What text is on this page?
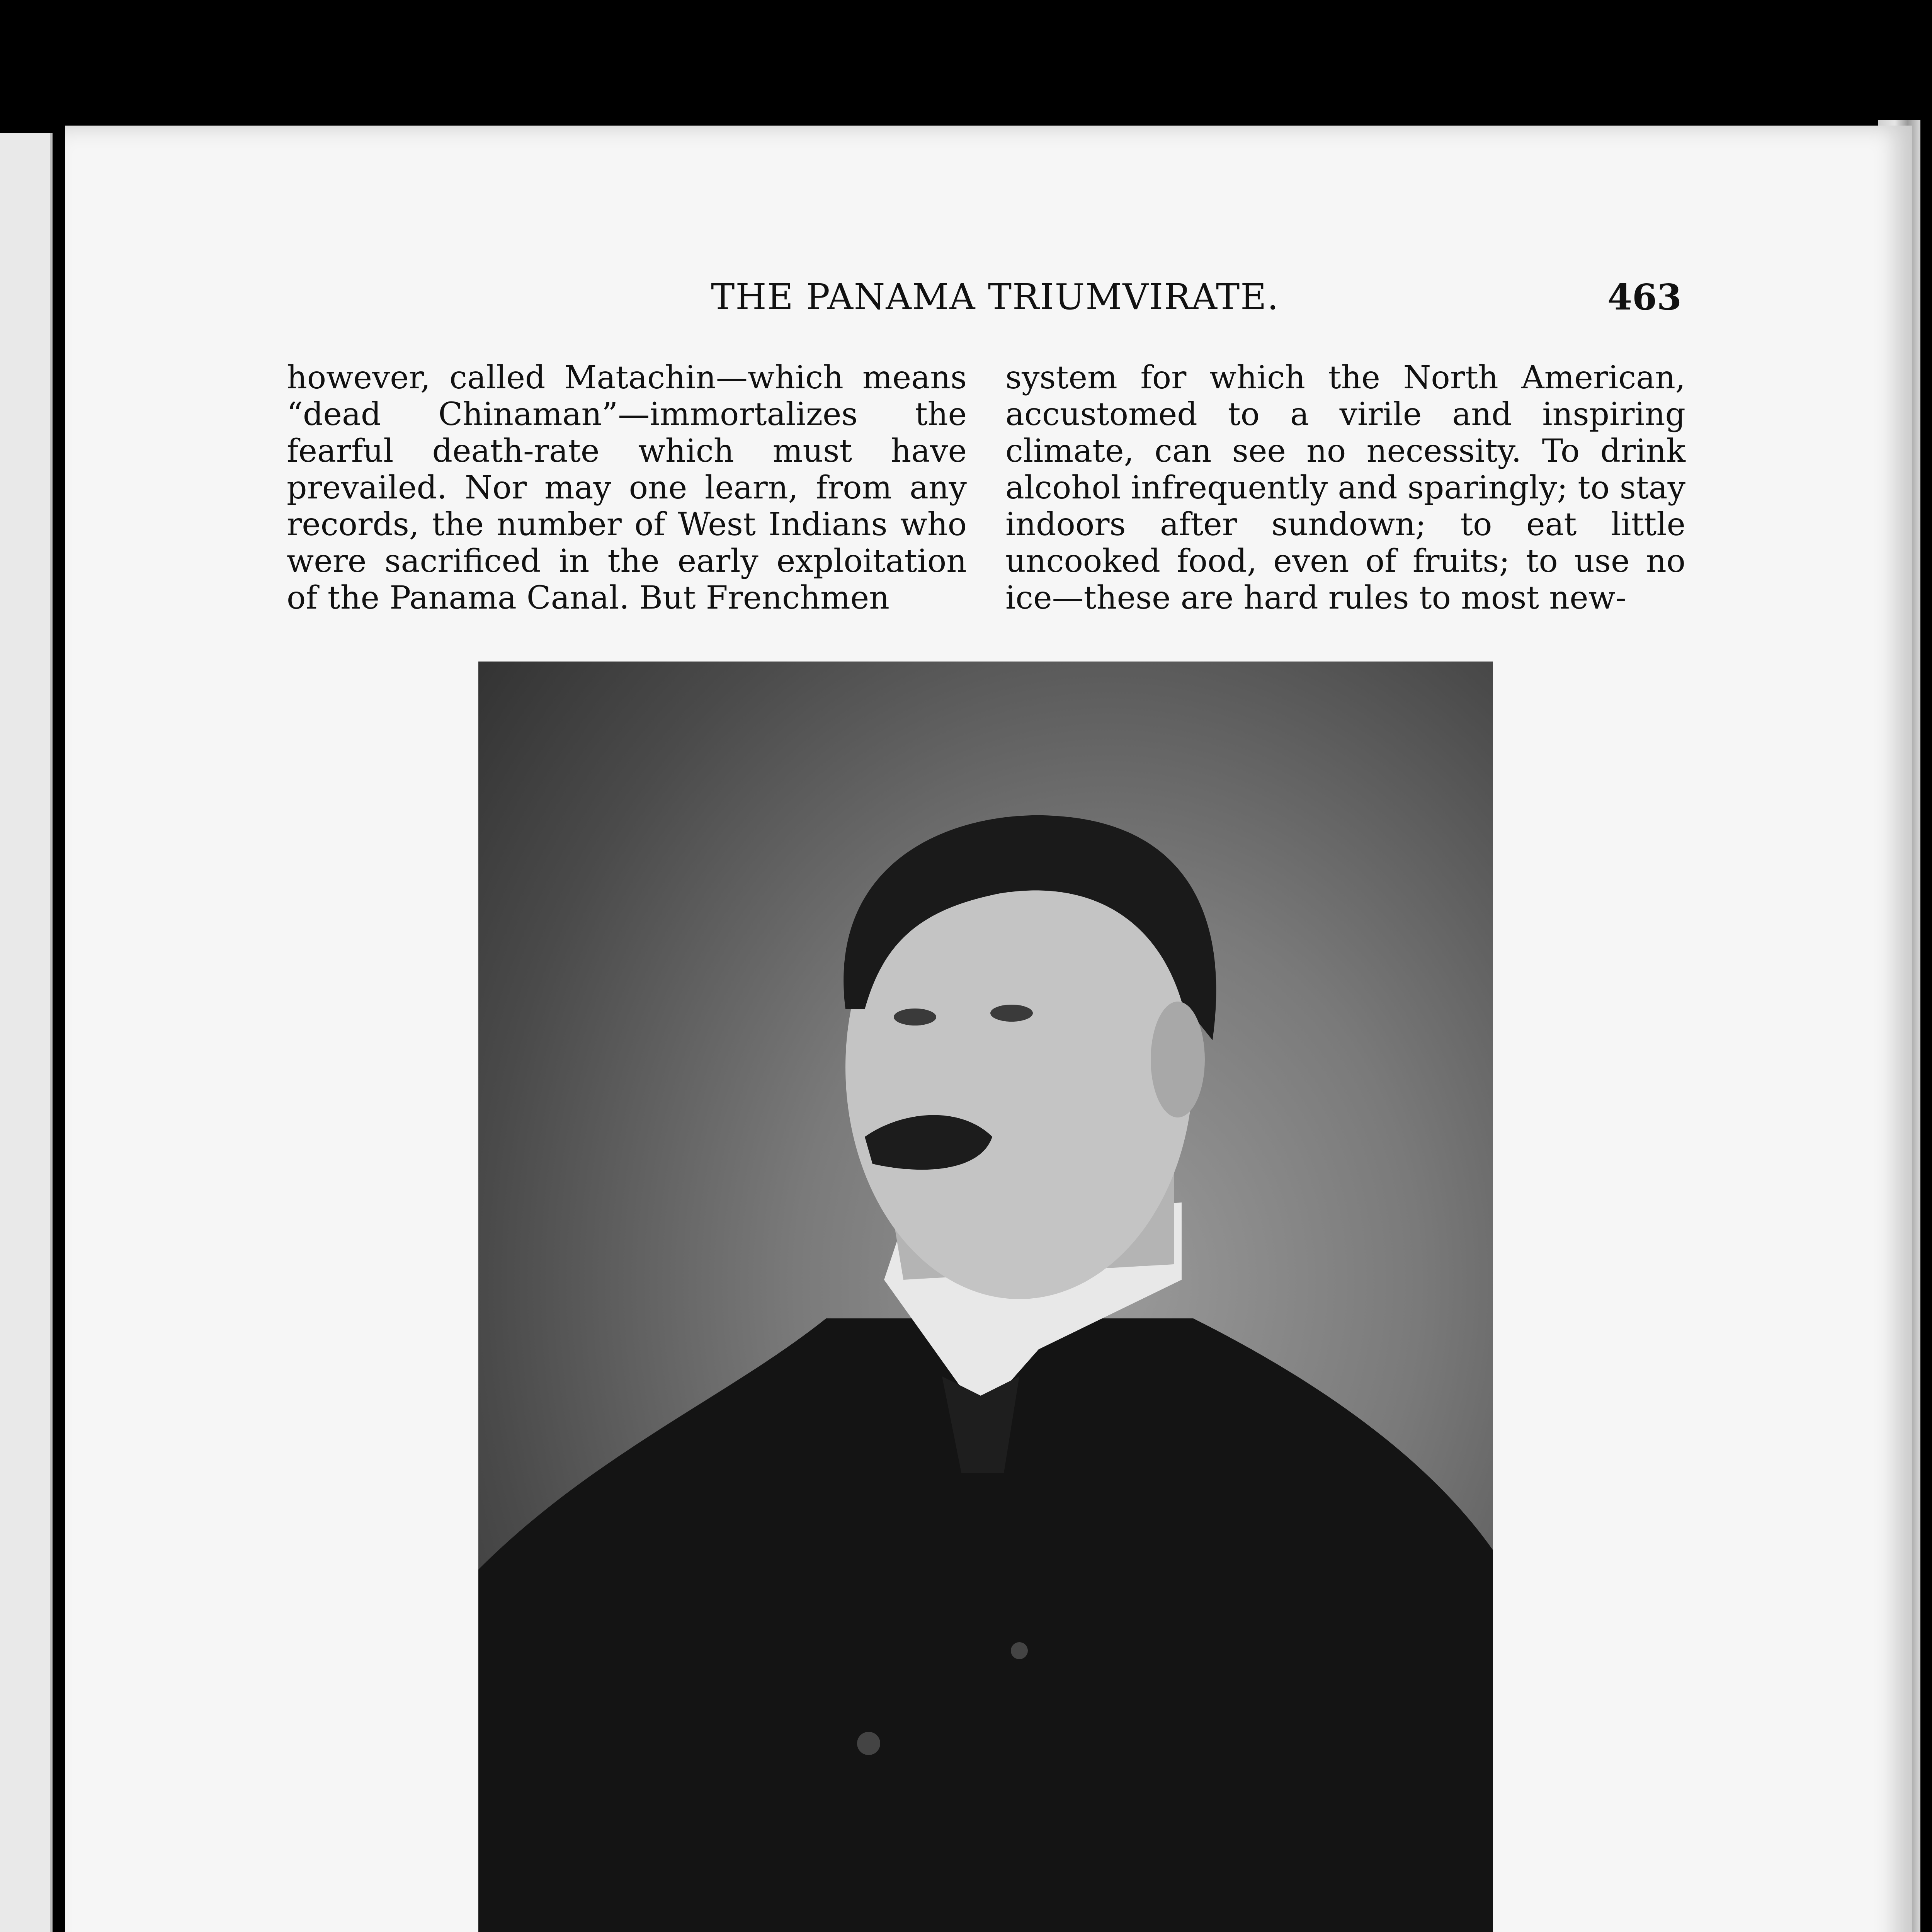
THE PANAMA TRIUMVIRATE.	463

however, called Matachin—which means “dead Chinaman”—immortalizes the fearful death-rate which must have prevailed. Nor may one learn, from any records, the number of West Indians who were sacrificed in the early exploitation of the Panama Canal. But Frenchmen

system for which the North American, accustomed to a virile and inspiring climate, can see no necessity. To drink alcohol infrequently and sparingly; to stay indoors after sundown; to eat little uncooked food, even of fruits; to use no ice—these are hard rules to most new-
